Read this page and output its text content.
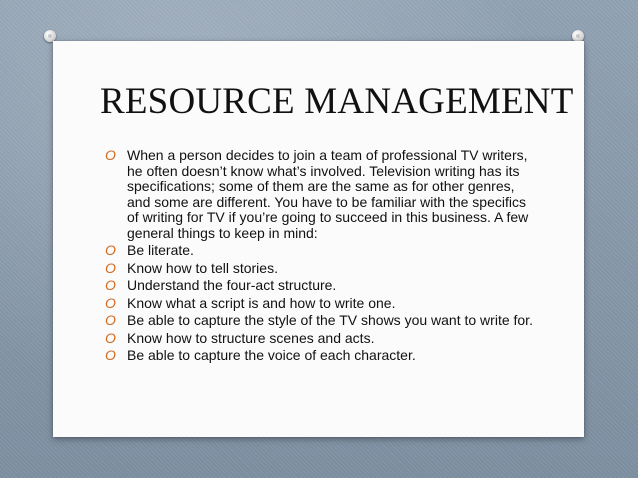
RESOURCE MANAGEMENT
O When a person decides to join a team of professional TV writers, he often doesn’t know what’s involved. Television writing has its specifications; some of them are the same as for other genres, and some are different. You have to be familiar with the specifics of writing for TV if you’re going to succeed in this business. A few general things to keep in mind:
O Be literate.
O Know how to tell stories.
O Understand the four-act structure.
O Know what a script is and how to write one.
O Be able to capture the style of the TV shows you want to write for.
O Know how to structure scenes and acts.
O Be able to capture the voice of each character.
